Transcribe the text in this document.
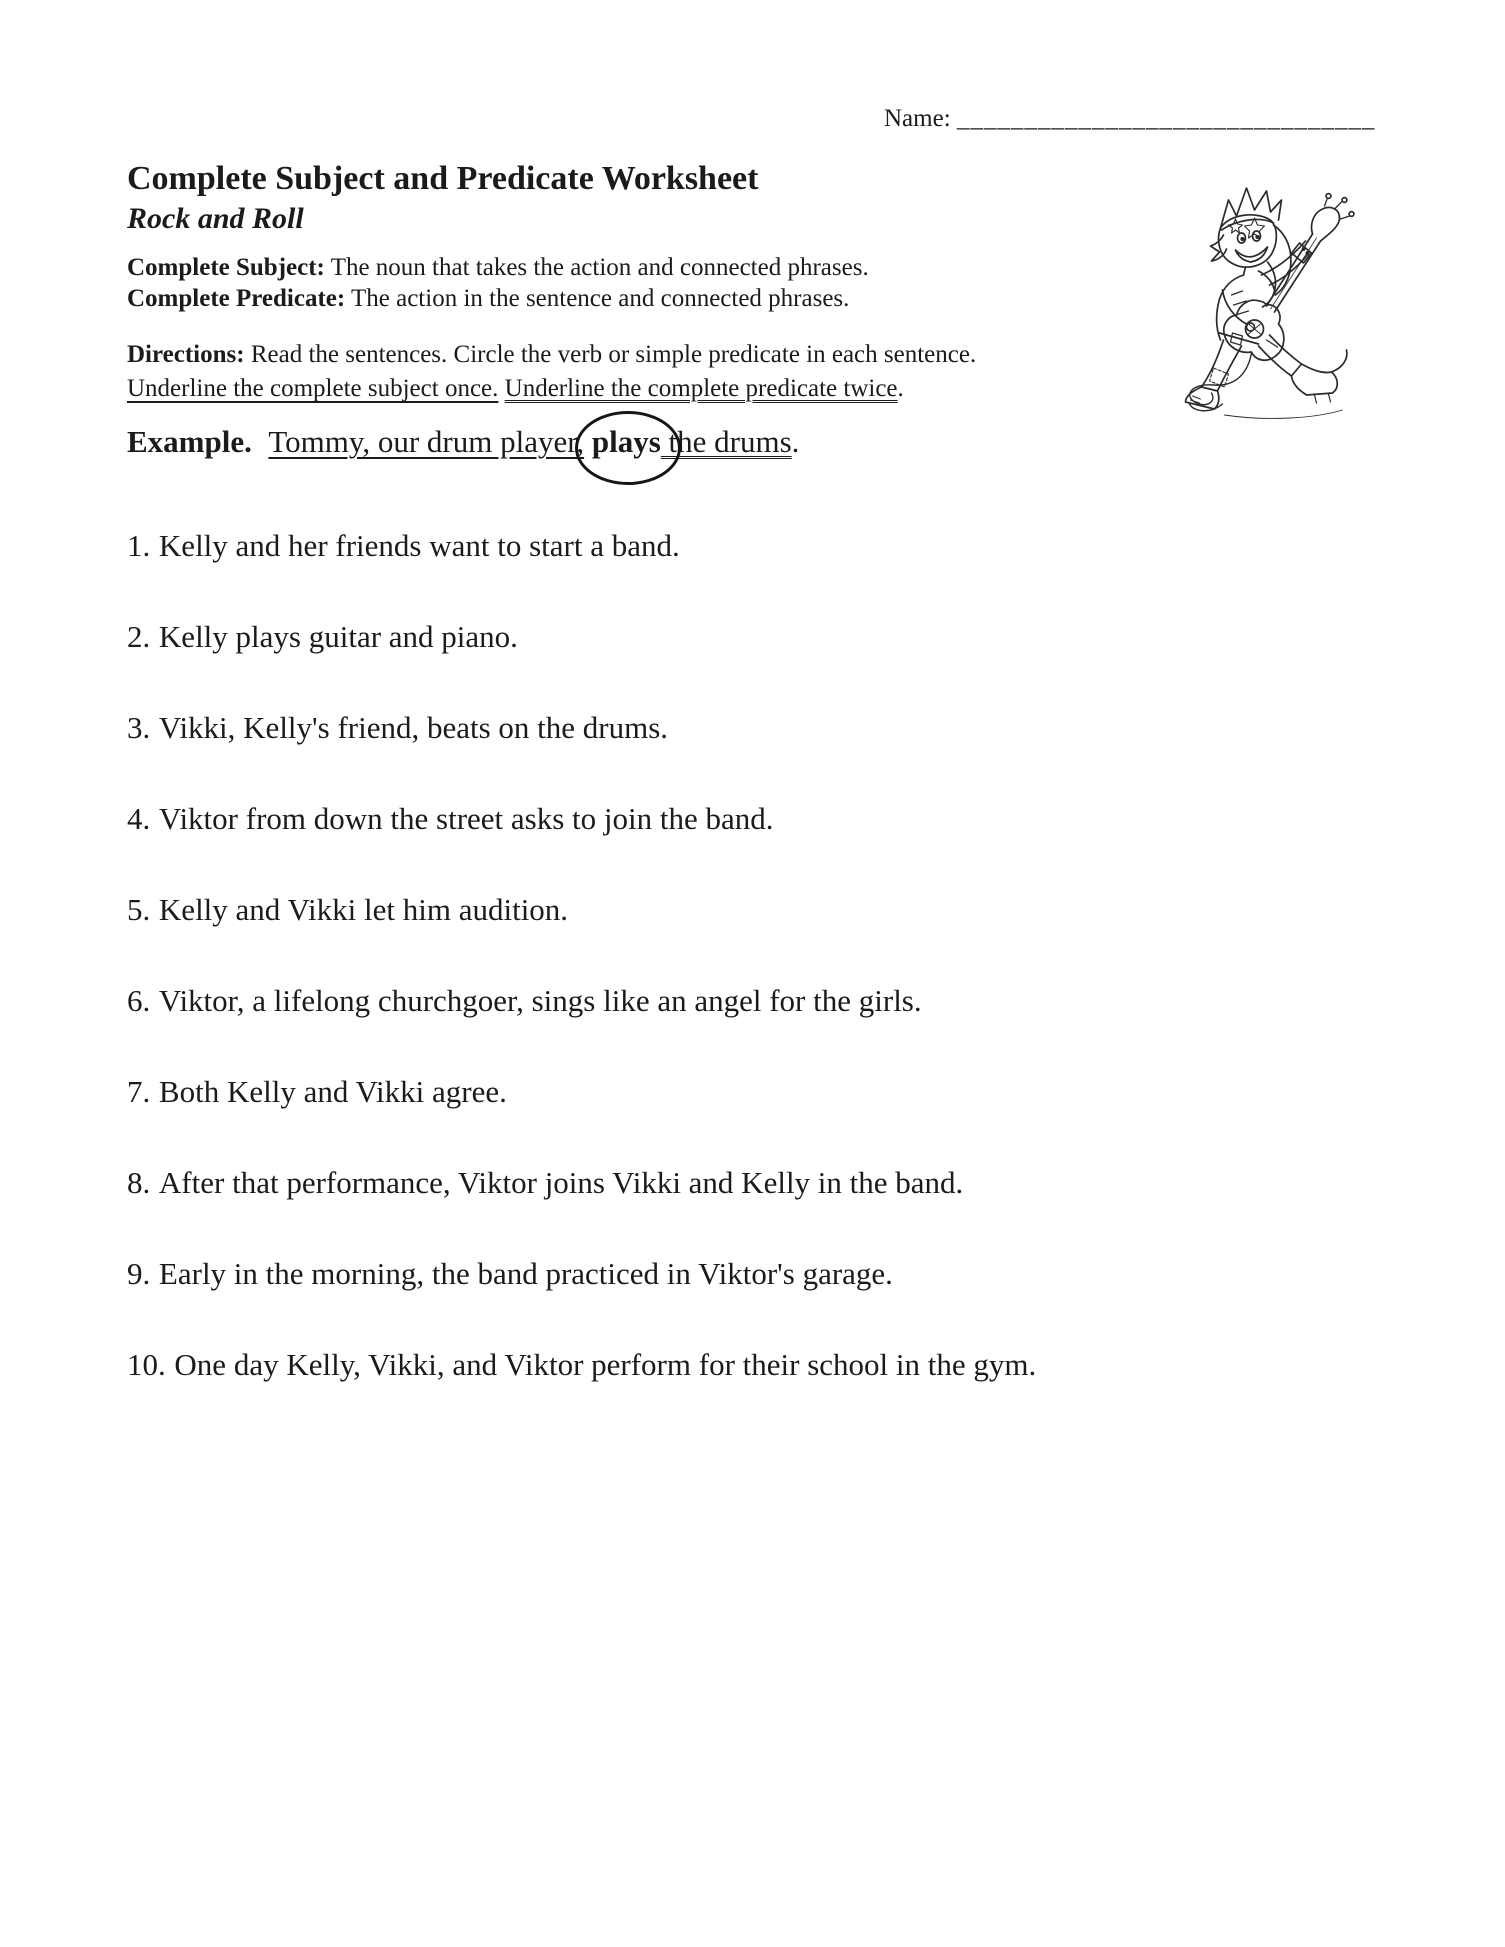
Name: _______________________________
Complete Subject and Predicate Worksheet
Rock and Roll

Complete Subject: The noun that takes the action and connected phrases.
Complete Predicate: The action in the sentence and connected phrases.

Directions: Read the sentences. Circle the verb or simple predicate in each sentence.
Underline the complete subject once. Underline the complete predicate twice.

Example. Tommy, our drum player, plays the drums.

1. Kelly and her friends want to start a band.

2. Kelly plays guitar and piano.

3. Vikki, Kelly's friend, beats on the drums.

4. Viktor from down the street asks to join the band.

5. Kelly and Vikki let him audition.

6. Viktor, a lifelong churchgoer, sings like an angel for the girls.

7. Both Kelly and Vikki agree.

8. After that performance, Viktor joins Vikki and Kelly in the band.

9. Early in the morning, the band practiced in Viktor's garage.

10. One day Kelly, Vikki, and Viktor perform for their school in the gym.
